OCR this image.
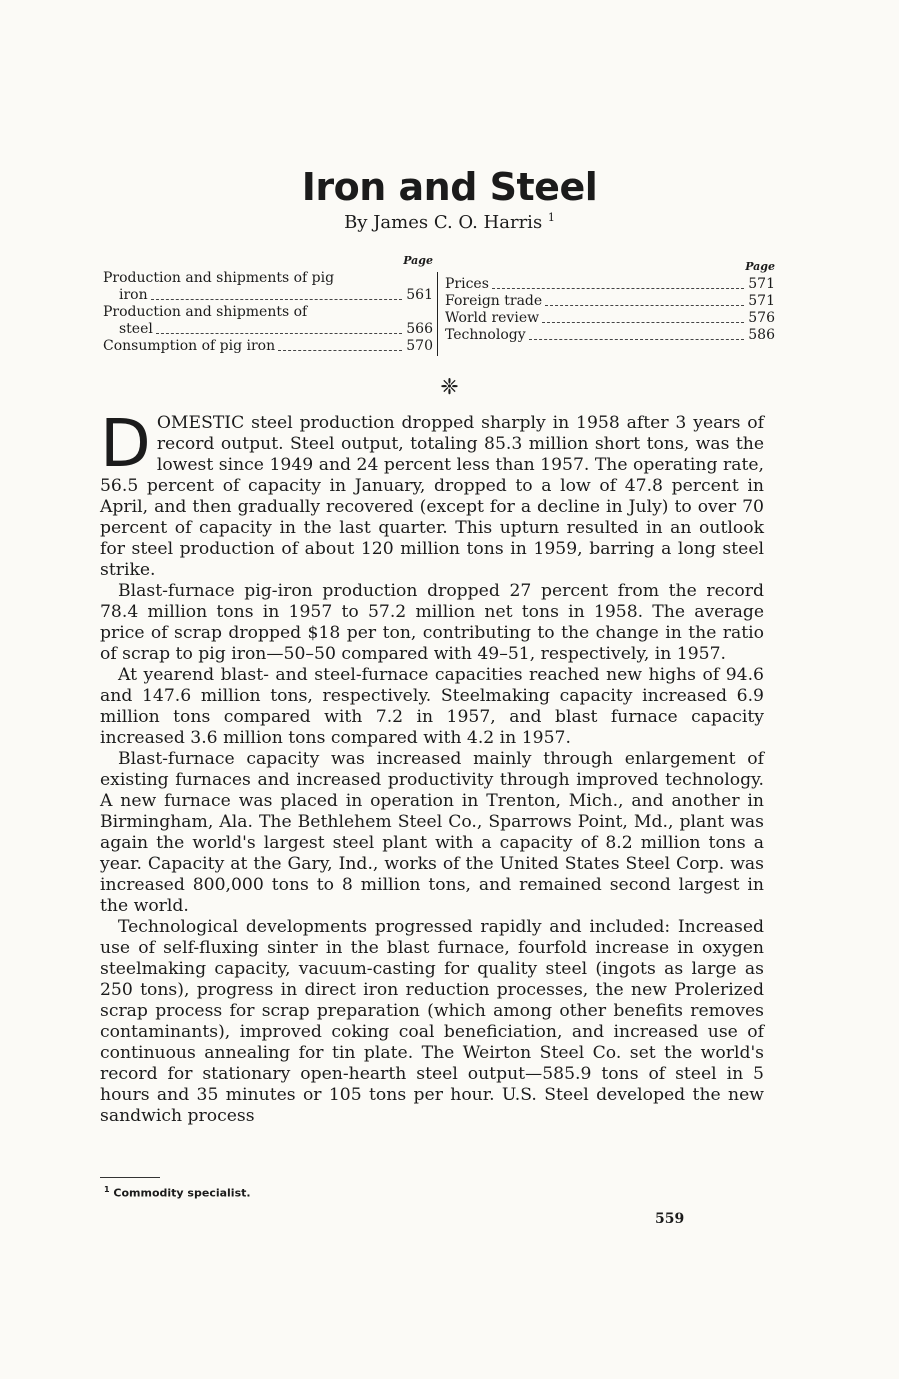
Iron and Steel
By James C. O. Harris $^1$
Page
Production and shipments of pig
iron	561
Production and shipments of
steel	566
Consumption of pig iron	570
Page
Prices	571
Foreign trade	571
World review	576
Technology	586
❈

DOMESTIC steel production dropped sharply in 1958 after 3 years of record output. Steel output, totaling 85.3 million short tons, was the lowest since 1949 and 24 percent less than 1957. The operating rate, 56.5 percent of capacity in January, dropped to a low of 47.8 percent in April, and then gradually recovered (except for a decline in July) to over 70 percent of capacity in the last quarter. This upturn resulted in an outlook for steel production of about 120 million tons in 1959, barring a long steel strike.

Blast-furnace pig-iron production dropped 27 percent from the record 78.4 million tons in 1957 to 57.2 million net tons in 1958. The average price of scrap dropped $18 per ton, contributing to the change in the ratio of scrap to pig iron—50–50 compared with 49–51, respectively, in 1957.

At yearend blast- and steel-furnace capacities reached new highs of 94.6 and 147.6 million tons, respectively. Steelmaking capacity increased 6.9 million tons compared with 7.2 in 1957, and blast furnace capacity increased 3.6 million tons compared with 4.2 in 1957.

Blast-furnace capacity was increased mainly through enlargement of existing furnaces and increased productivity through improved technology. A new furnace was placed in operation in Trenton, Mich., and another in Birmingham, Ala. The Bethlehem Steel Co., Sparrows Point, Md., plant was again the world's largest steel plant with a capacity of 8.2 million tons a year. Capacity at the Gary, Ind., works of the United States Steel Corp. was increased 800,000 tons to 8 million tons, and remained second largest in the world.

Technological developments progressed rapidly and included: Increased use of self-fluxing sinter in the blast furnace, fourfold increase in oxygen steelmaking capacity, vacuum-casting for quality steel (ingots as large as 250 tons), progress in direct iron reduction processes, the new Prolerized scrap process for scrap preparation (which among other benefits removes contaminants), improved coking coal beneficiation, and increased use of continuous annealing for tin plate. The Weirton Steel Co. set the world's record for stationary open-hearth steel output—585.9 tons of steel in 5 hours and 35 minutes or 105 tons per hour. U.S. Steel developed the new sandwich process

$^1$ Commodity specialist.
559
